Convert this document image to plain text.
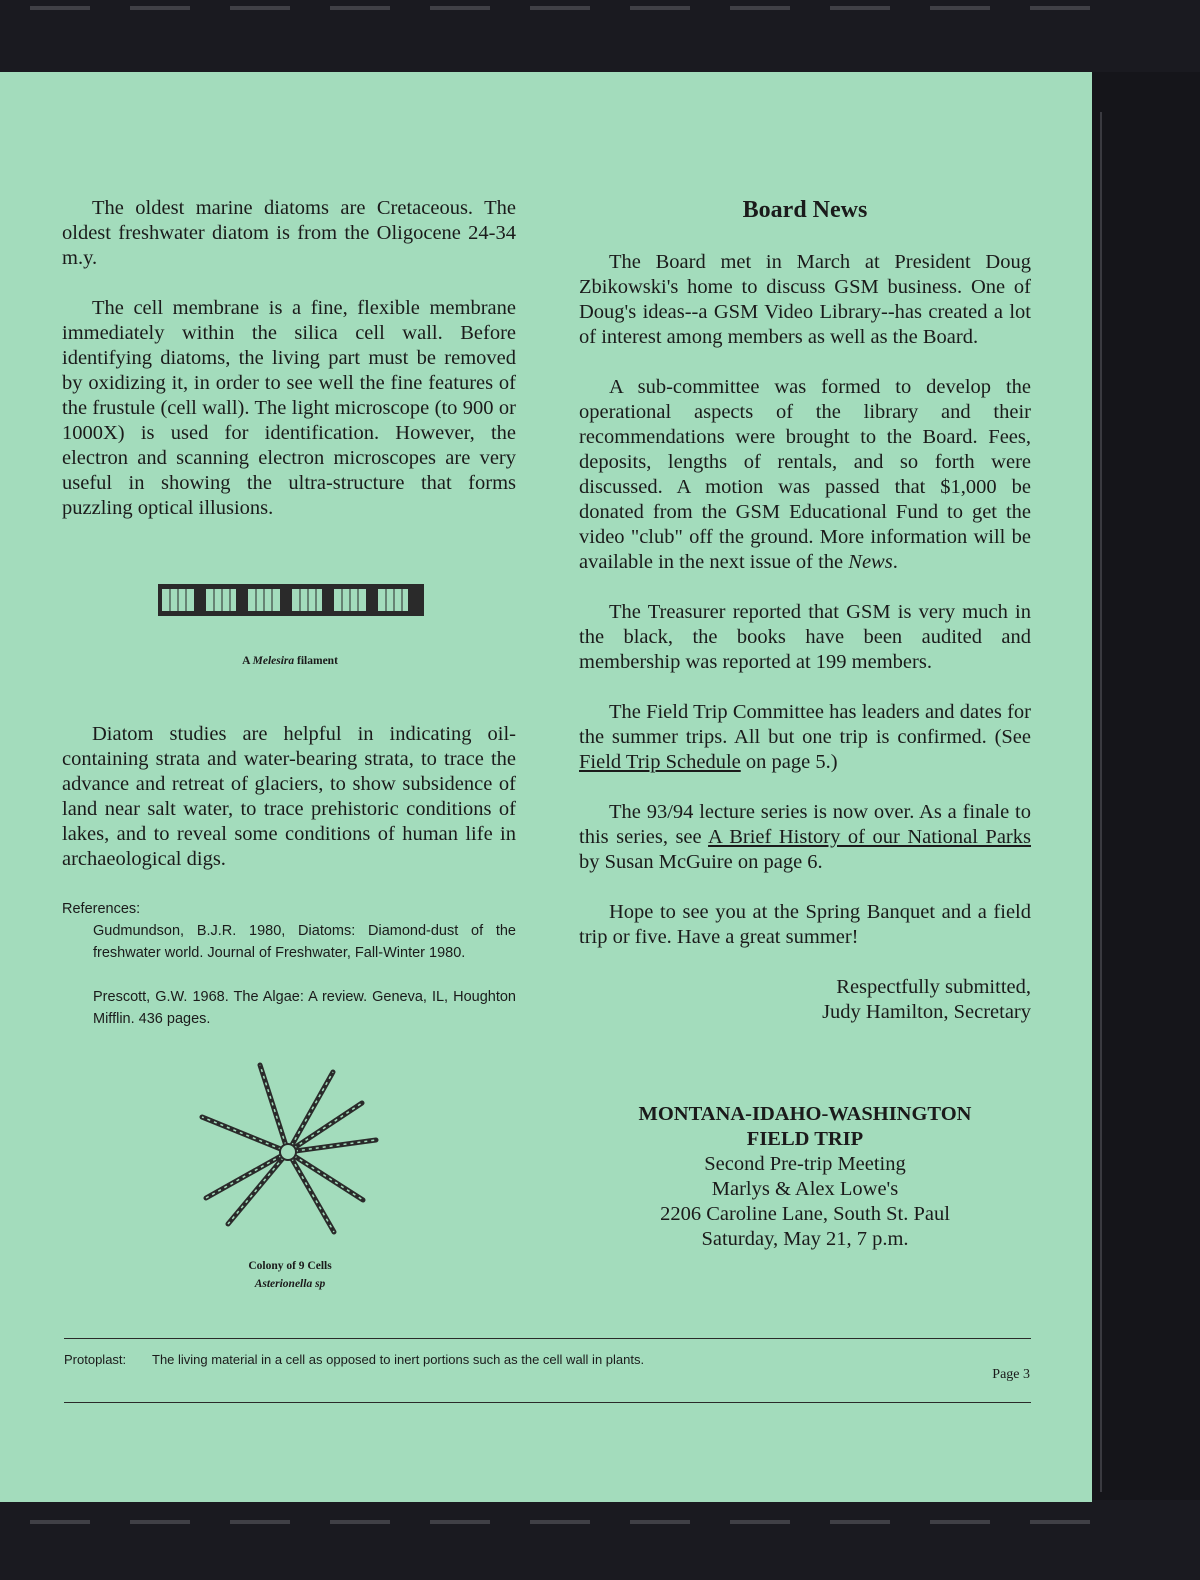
The oldest marine diatoms are Cretaceous. The oldest freshwater diatom is from the Oligocene 24-34 m.y.

The cell membrane is a fine, flexible membrane immediately within the silica cell wall. Before identifying diatoms, the living part must be removed by oxidizing it, in order to see well the fine features of the frustule (cell wall). The light microscope (to 900 or 1000X) is used for identification. However, the electron and scanning electron microscopes are very useful in showing the ultra-structure that forms puzzling optical illusions.

A Melesira filament

Diatom studies are helpful in indicating oil-containing strata and water-bearing strata, to trace the advance and retreat of glaciers, to show subsidence of land near salt water, to trace prehistoric conditions of lakes, and to reveal some conditions of human life in archaeological digs.

References:

Gudmundson, B.J.R. 1980, Diatoms: Diamond-dust of the freshwater world. Journal of Freshwater, Fall-Winter 1980.

Prescott, G.W. 1968. The Algae: A review. Geneva, IL, Houghton Mifflin. 436 pages.

Colony of 9 Cells
Asterionella sp
Board News

The Board met in March at President Doug Zbikowski's home to discuss GSM business. One of Doug's ideas--a GSM Video Library--has created a lot of interest among members as well as the Board.

A sub-committee was formed to develop the operational aspects of the library and their recommendations were brought to the Board. Fees, deposits, lengths of rentals, and so forth were discussed. A motion was passed that $1,000 be donated from the GSM Educational Fund to get the video "club" off the ground. More information will be available in the next issue of the News.

The Treasurer reported that GSM is very much in the black, the books have been audited and membership was reported at 199 members.

The Field Trip Committee has leaders and dates for the summer trips. All but one trip is confirmed. (See Field Trip Schedule on page 5.)

The 93/94 lecture series is now over. As a finale to this series, see A Brief History of our National Parks by Susan McGuire on page 6.

Hope to see you at the Spring Banquet and a field trip or five. Have a great summer!

Respectfully submitted,

Judy Hamilton, Secretary

MONTANA-IDAHO-WASHINGTON
FIELD TRIP
Second Pre-trip Meeting
Marlys & Alex Lowe's
2206 Caroline Lane, South St. Paul
Saturday, May 21, 7 p.m.
Protoplast: The living material in a cell as opposed to inert portions such as the cell wall in plants.
Page 3
